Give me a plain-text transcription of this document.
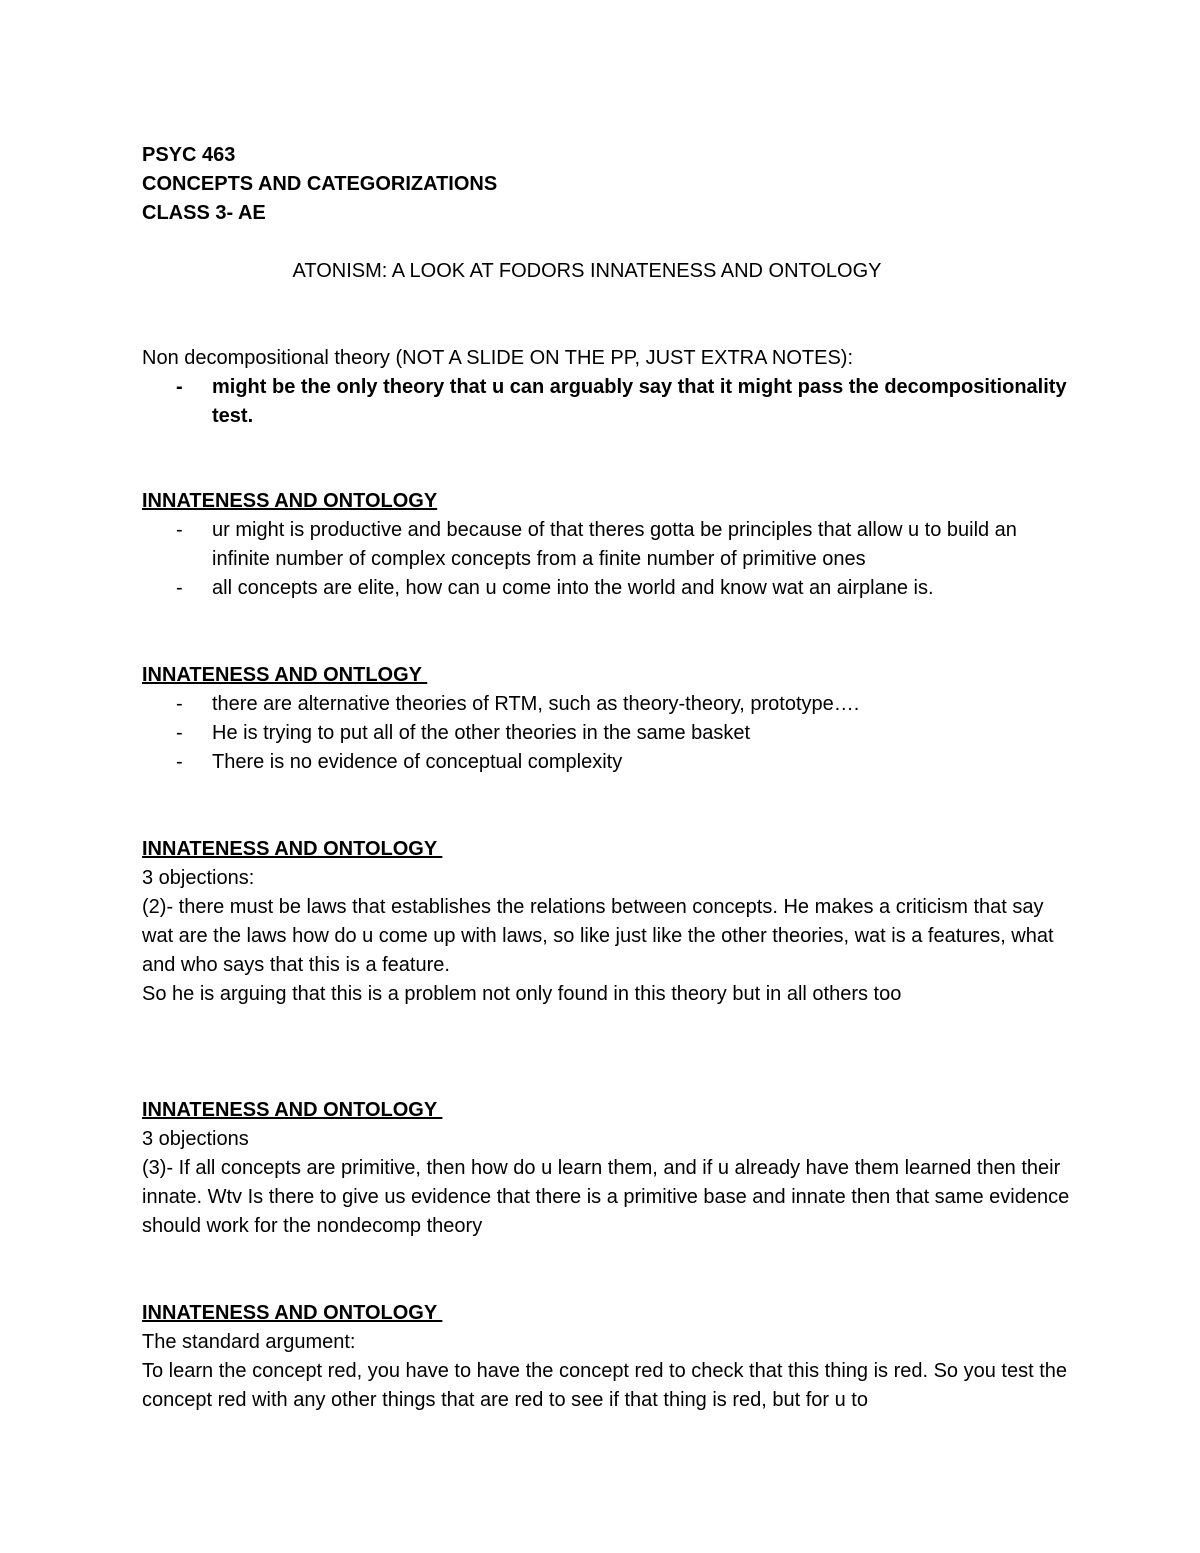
PSYC 463

CONCEPTS AND CATEGORIZATIONS

CLASS 3- AE

ATONISM: A LOOK AT FODORS INNATENESS AND ONTOLOGY

Non decompositional theory (NOT A SLIDE ON THE PP, JUST EXTRA NOTES):

- might be the only theory that u can arguably say that it might pass the decompositionality test.

INNATENESS AND ONTOLOGY

- ur might is productive and because of that theres gotta be principles that allow u to build an infinite number of complex concepts from a finite number of primitive ones
- all concepts are elite, how can u come into the world and know wat an airplane is.

INNATENESS AND ONTLOGY

- there are alternative theories of RTM, such as theory-theory, prototype….
- He is trying to put all of the other theories in the same basket
- There is no evidence of conceptual complexity

INNATENESS AND ONTOLOGY

3 objections:

(2)- there must be laws that establishes the relations between concepts. He makes a criticism that say wat are the laws how do u come up with laws, so like just like the other theories, wat is a features, what and who says that this is a feature.

So he is arguing that this is a problem not only found in this theory but in all others too

INNATENESS AND ONTOLOGY

3 objections

(3)- If all concepts are primitive, then how do u learn them, and if u already have them learned then their innate. Wtv Is there to give us evidence that there is a primitive base and innate then that same evidence should work for the nondecomp theory

INNATENESS AND ONTOLOGY

The standard argument:

To learn the concept red, you have to have the concept red to check that this thing is red. So you test the concept red with any other things that are red to see if that thing is red, but for u to
